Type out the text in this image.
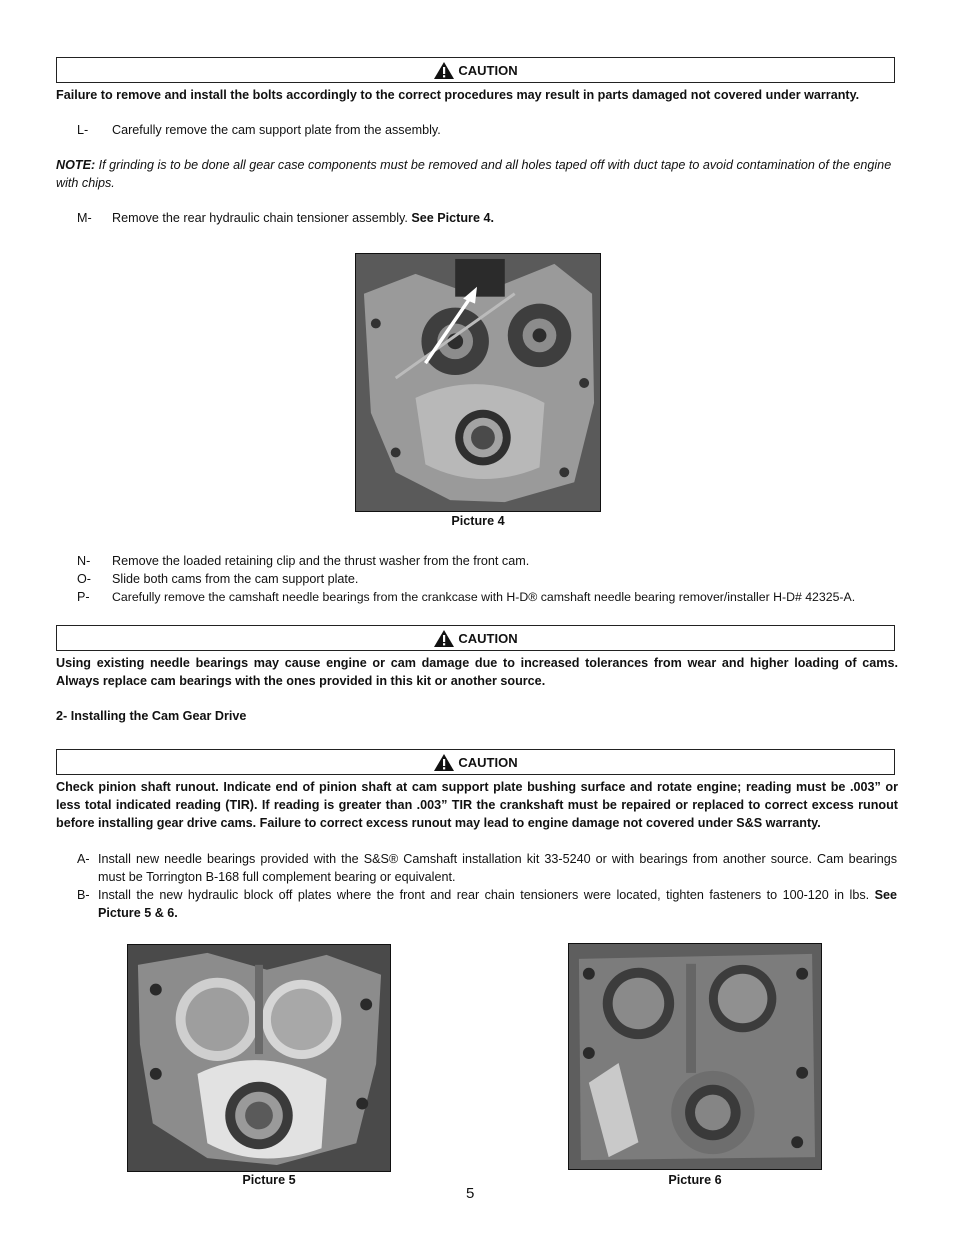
CAUTION
Failure to remove and install the bolts accordingly to the correct procedures may result in parts damaged not covered under warranty.
L- Carefully remove the cam support plate from the assembly.
NOTE: If grinding is to be done all gear case components must be removed and all holes taped off with duct tape to avoid contamination of the engine with chips.
M- Remove the rear hydraulic chain tensioner assembly. See Picture 4.
Picture 4
N- Remove the loaded retaining clip and the thrust washer from the front cam.
O- Slide both cams from the cam support plate.
P- Carefully remove the camshaft needle bearings from the crankcase with H-D® camshaft needle bearing remover/installer H-D# 42325-A.
CAUTION
Using existing needle bearings may cause engine or cam damage due to increased tolerances from wear and higher loading of cams. Always replace cam bearings with the ones provided in this kit or another source.
2- Installing the Cam Gear Drive
CAUTION
Check pinion shaft runout. Indicate end of pinion shaft at cam support plate bushing surface and rotate engine; reading must be .003” or less total indicated reading (TIR). If reading is greater than .003” TIR the crankshaft must be repaired or replaced to correct excess runout before installing gear drive cams. Failure to correct excess runout may lead to engine damage not covered under S&S warranty.
A- Install new needle bearings provided with the S&S® Camshaft installation kit 33-5240 or with bearings from another source. Cam bearings must be Torrington B-168 full complement bearing or equivalent.
B- Install the new hydraulic block off plates where the front and rear chain tensioners were located, tighten fasteners to 100-120 in lbs. See Picture 5 & 6.
Picture 5	Picture 6
5
